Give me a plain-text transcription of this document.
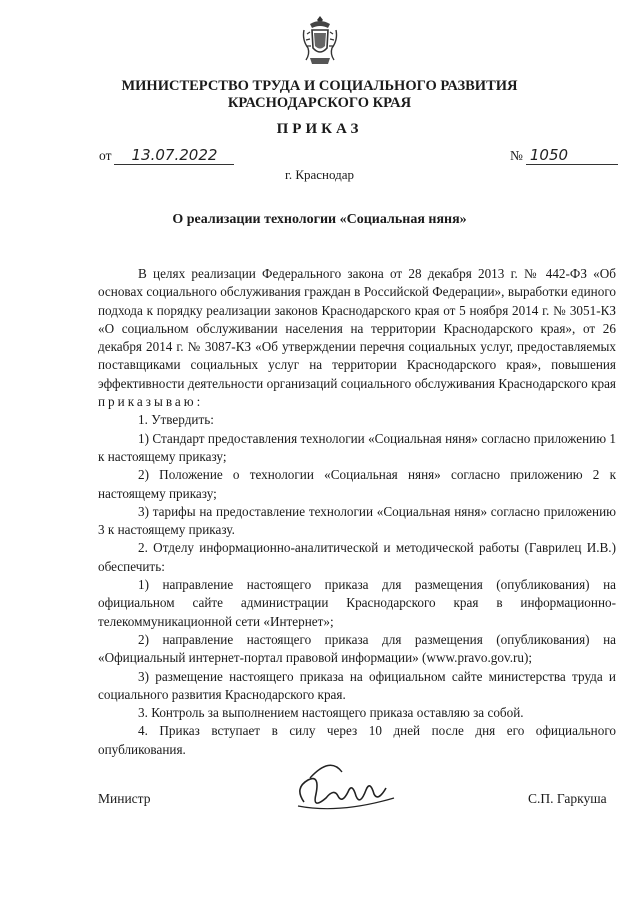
МИНИСТЕРСТВО ТРУДА И СОЦИАЛЬНОГО РАЗВИТИЯ
КРАСНОДАРСКОГО КРАЯ
ПРИКАЗ
от 13.07.2022	№ 1050
г. Краснодар
О реализации технологии «Социальная няня»

В целях реализации Федерального закона от 28 декабря 2013 г. № 442-ФЗ «Об основах социального обслуживания граждан в Российской Федерации», выработки единого подхода к порядку реализации законов Краснодарского края от 5 ноября 2014 г. № 3051-КЗ «О социальном обслуживании населения на территории Краснодарского края», от 26 декабря 2014 г. № 3087-КЗ «Об утверждении перечня социальных услуг, предоставляемых поставщиками социальных услуг на территории Краснодарского края», повышения эффективности деятельности организаций социального обслуживания Краснодарского края приказываю:

1. Утвердить:

1) Стандарт предоставления технологии «Социальная няня» согласно приложению 1 к настоящему приказу;

2) Положение о технологии «Социальная няня» согласно приложению 2 к настоящему приказу;

3) тарифы на предоставление технологии «Социальная няня» согласно приложению 3 к настоящему приказу.

2. Отделу информационно-аналитической и методической работы (Гаврилец И.В.) обеспечить:

1) направление настоящего приказа для размещения (опубликования) на официальном сайте администрации Краснодарского края в информационно-телекоммуникационной сети «Интернет»;

2) направление настоящего приказа для размещения (опубликования) на «Официальный интернет-портал правовой информации» (www.pravo.gov.ru);

3) размещение настоящего приказа на официальном сайте министерства труда и социального развития Краснодарского края.

3. Контроль за выполнением настоящего приказа оставляю за собой.

4. Приказ вступает в силу через 10 дней после дня его официального опубликования.

Министр	С.П. Гаркуша
